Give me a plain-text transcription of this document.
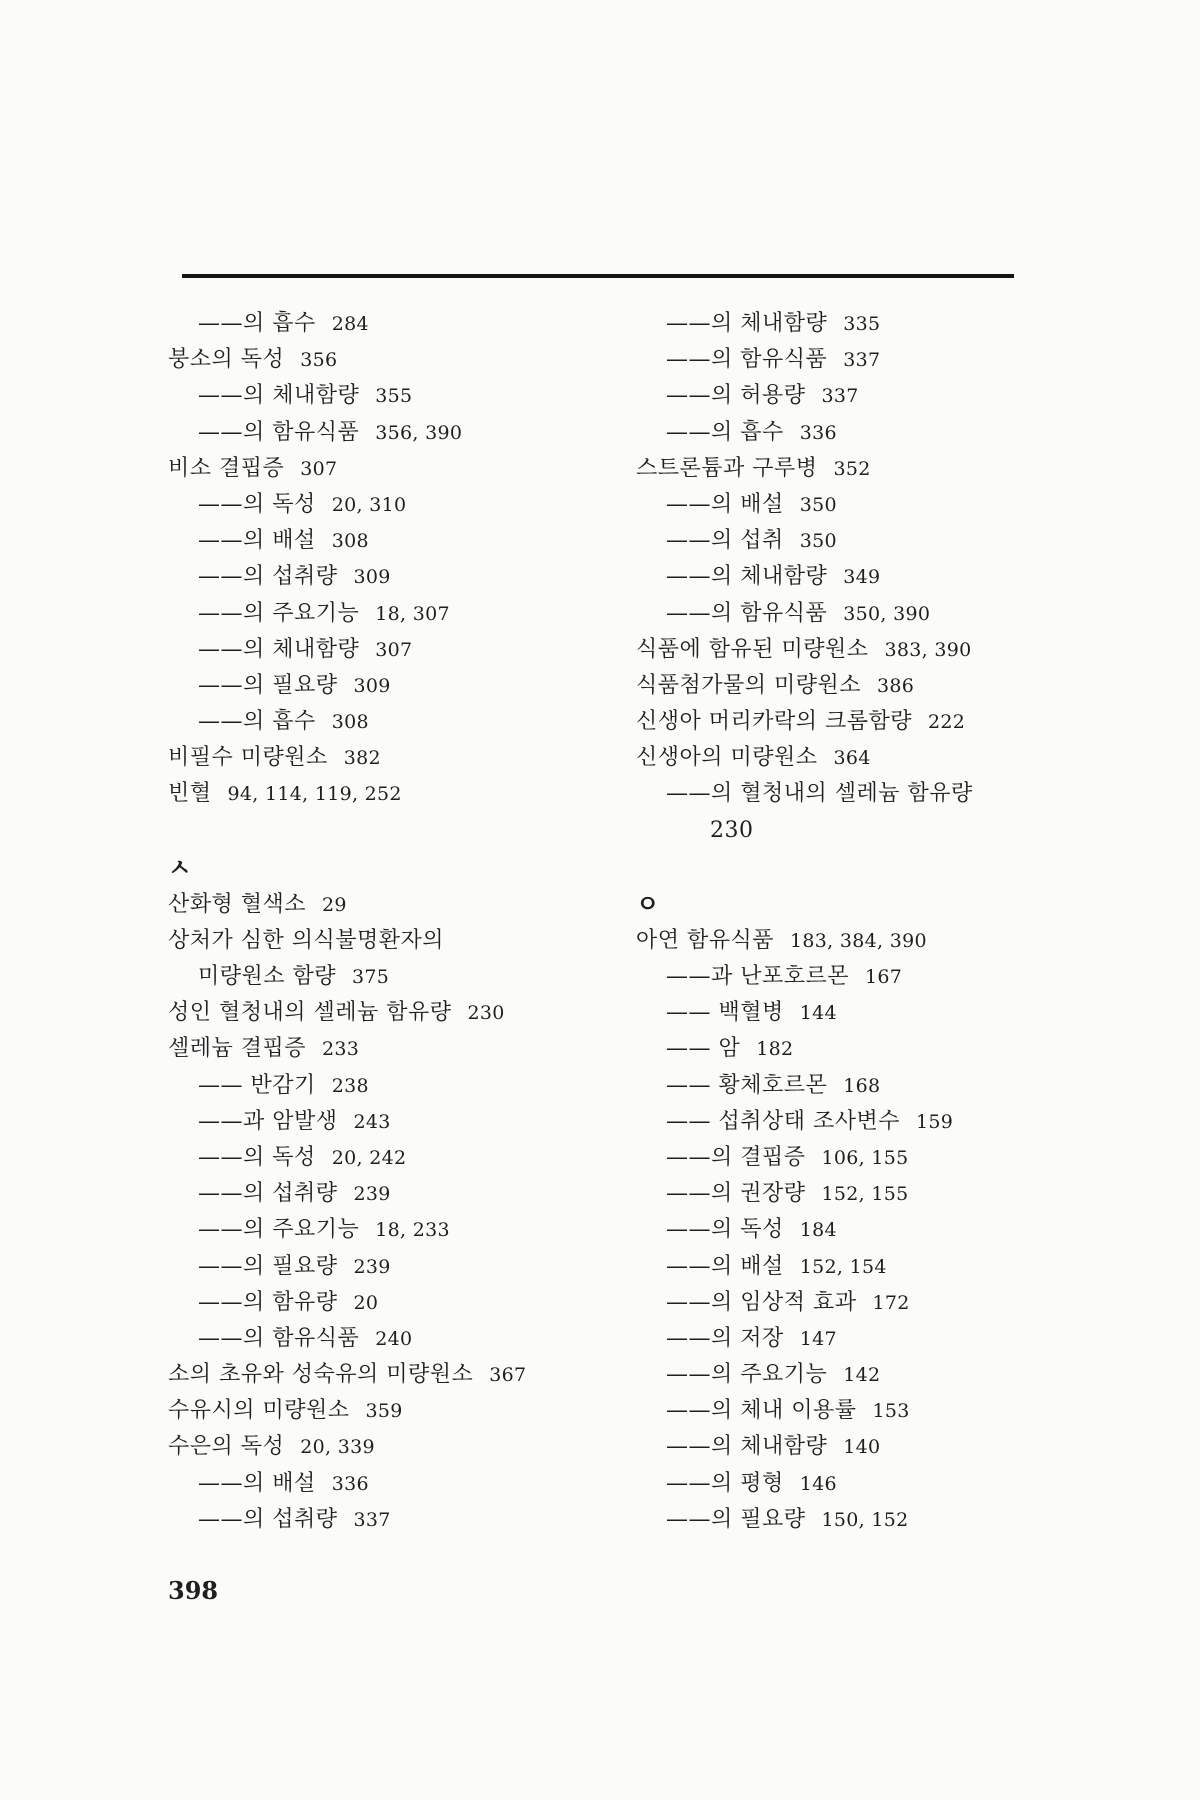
——의 흡수 284
붕소의 독성 356
——의 체내함량 355
——의 함유식품 356, 390
비소 결핍증 307
——의 독성 20, 310
——의 배설 308
——의 섭취량 309
——의 주요기능 18, 307
——의 체내함량 307
——의 필요량 309
——의 흡수 308
비필수 미량원소 382
빈혈 94, 114, 119, 252
ㅅ
산화형 혈색소 29
상처가 심한 의식불명환자의
미량원소 함량 375
성인 혈청내의 셀레늄 함유량 230
셀레늄 결핍증 233
—— 반감기 238
——과 암발생 243
——의 독성 20, 242
——의 섭취량 239
——의 주요기능 18, 233
——의 필요량 239
——의 함유량 20
——의 함유식품 240
소의 초유와 성숙유의 미량원소 367
수유시의 미량원소 359
수은의 독성 20, 339
——의 배설 336
——의 섭취량 337
——의 체내함량 335
——의 함유식품 337
——의 허용량 337
——의 흡수 336
스트론튬과 구루병 352
——의 배설 350
——의 섭취 350
——의 체내함량 349
——의 함유식품 350, 390
식품에 함유된 미량원소 383, 390
식품첨가물의 미량원소 386
신생아 머리카락의 크롬함량 222
신생아의 미량원소 364
——의 혈청내의 셀레늄 함유량
230
ㅇ
아연 함유식품 183, 384, 390
——과 난포호르몬 167
—— 백혈병 144
—— 암 182
—— 황체호르몬 168
—— 섭취상태 조사변수 159
——의 결핍증 106, 155
——의 권장량 152, 155
——의 독성 184
——의 배설 152, 154
——의 임상적 효과 172
——의 저장 147
——의 주요기능 142
——의 체내 이용률 153
——의 체내함량 140
——의 평형 146
——의 필요량 150, 152
398
